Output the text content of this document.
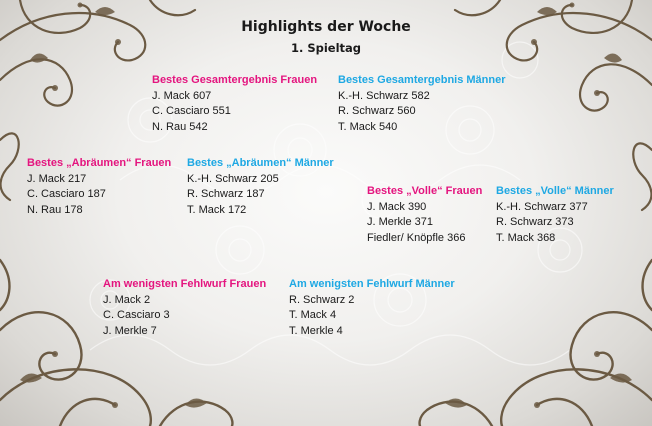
Highlights der Woche
1. Spieltag
Bestes Gesamtergebnis Frauen
J. Mack 607
C. Casciaro 551
N. Rau 542
Bestes Gesamtergebnis Männer
K.-H. Schwarz 582
R. Schwarz 560
T. Mack 540
Bestes „Abräumen“ Frauen
J. Mack 217
C. Casciaro 187
N. Rau 178
Bestes „Abräumen“ Männer
K.-H. Schwarz 205
R. Schwarz 187
T. Mack 172
Bestes „Volle“ Frauen
J. Mack 390
J. Merkle 371
Fiedler/ Knöpfle 366
Bestes „Volle“ Männer
K.-H. Schwarz 377
R. Schwarz 373
T. Mack 368
Am wenigsten Fehlwurf Frauen
J. Mack 2
C. Casciaro 3
J. Merkle 7
Am wenigsten Fehlwurf Männer
R. Schwarz 2
T. Mack 4
T. Merkle 4
